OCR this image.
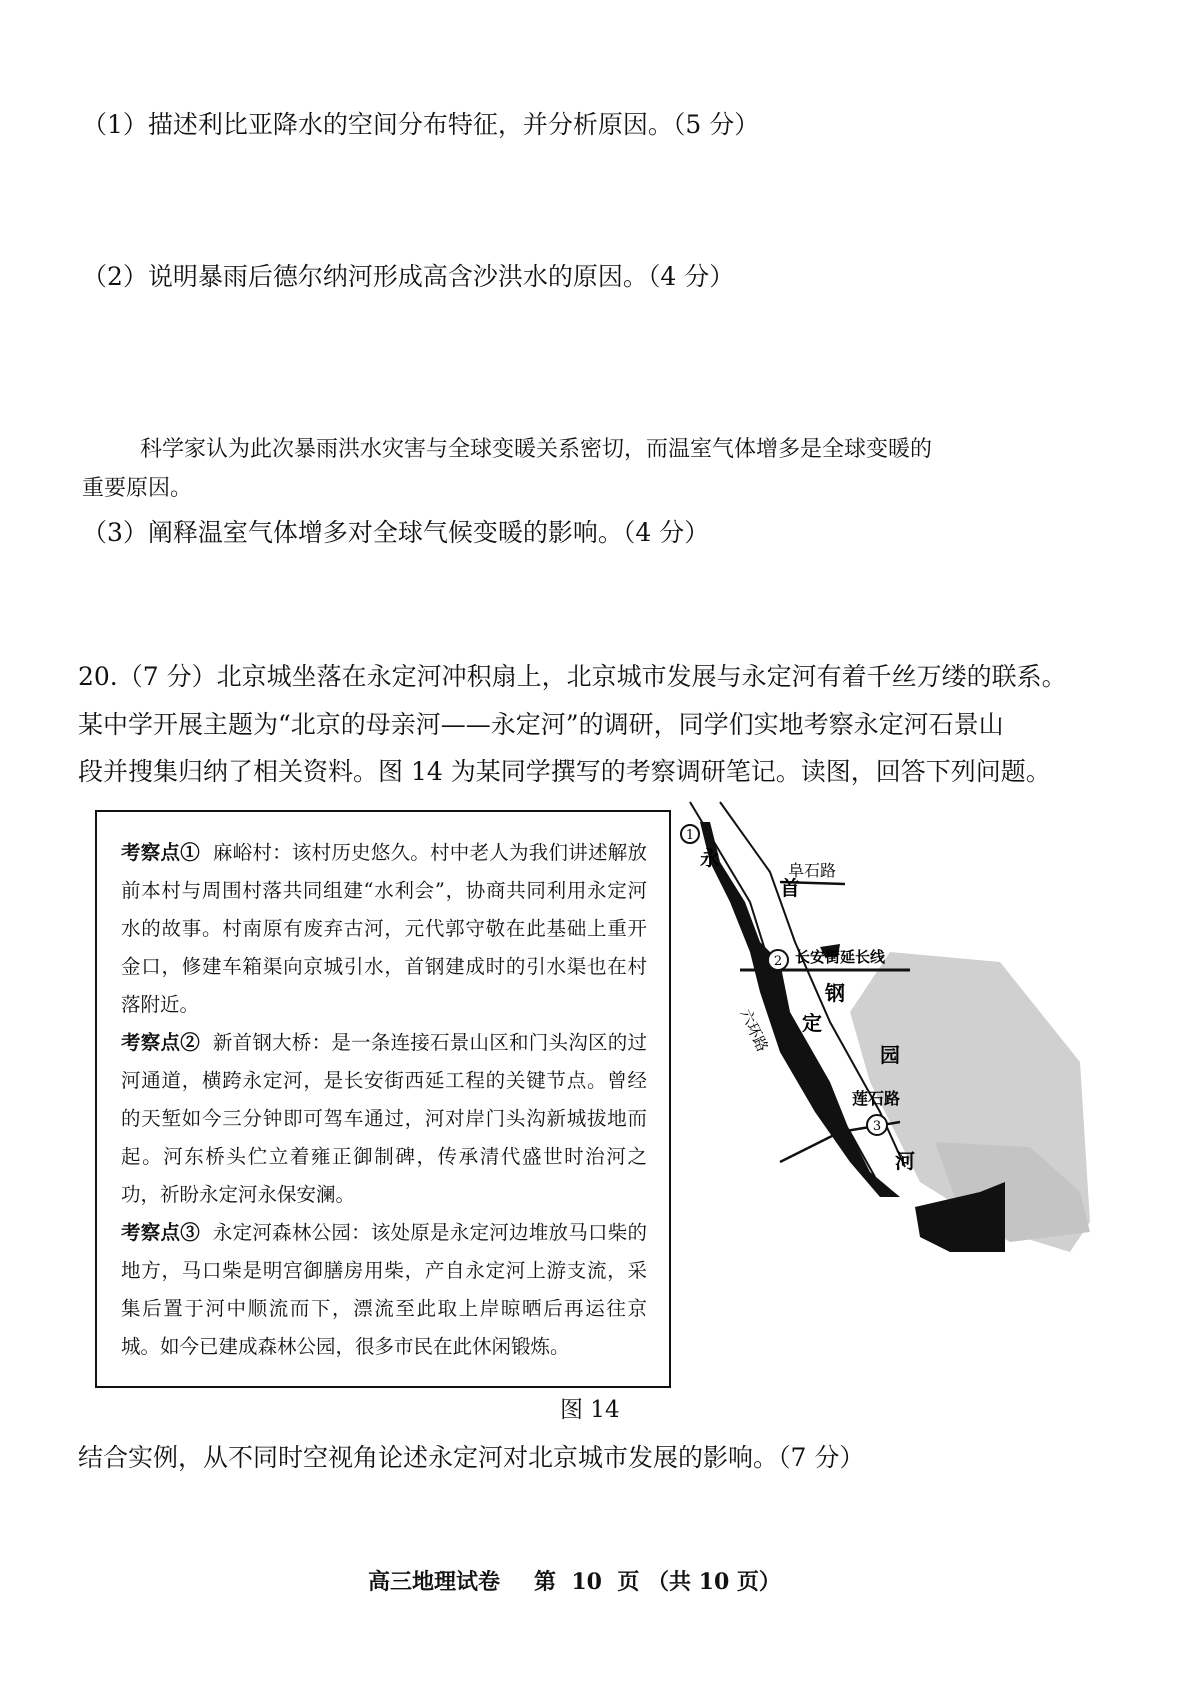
（1）描述利比亚降水的空间分布特征，并分析原因。（5 分）
（2）说明暴雨后德尔纳河形成高含沙洪水的原因。（4 分）
科学家认为此次暴雨洪水灾害与全球变暖关系密切，而温室气体增多是全球变暖的
重要原因。
（3）阐释温室气体增多对全球气候变暖的影响。（4 分）
20.（7 分）北京城坐落在永定河冲积扇上，北京城市发展与永定河有着千丝万缕的联系。
某中学开展主题为“北京的母亲河——永定河”的调研，同学们实地考察永定河石景山
段并搜集归纳了相关资料。图 14 为某同学撰写的考察调研笔记。读图，回答下列问题。

考察点① 麻峪村：该村历史悠久。村中老人为我们讲述解放前本村与周围村落共同组建“水利会”，协商共同利用永定河水的故事。村南原有废弃古河，元代郭守敬在此基础上重开金口，修建车箱渠向京城引水，首钢建成时的引水渠也在村落附近。

考察点② 新首钢大桥：是一条连接石景山区和门头沟区的过河通道，横跨永定河，是长安街西延工程的关键节点。曾经的天堑如今三分钟即可驾车通过，河对岸门头沟新城拔地而起。河东桥头伫立着雍正御制碑，传承清代盛世时治河之功，祈盼永定河永保安澜。

考察点③ 永定河森林公园：该处原是永定河边堆放马口柴的地方，马口柴是明宫御膳房用柴，产自永定河上游支流，采集后置于河中顺流而下，漂流至此取上岸晾晒后再运往京城。如今已建成森林公园，很多市民在此休闲锻炼。

1
2
3
阜石路
长安街延长线
六环路
莲石路
永
定
河
首
钢
园
图 14
结合实例，从不同时空视角论述永定河对北京城市发展的影响。（7 分）
高三地理试卷 第 10 页 （共 10 页）
